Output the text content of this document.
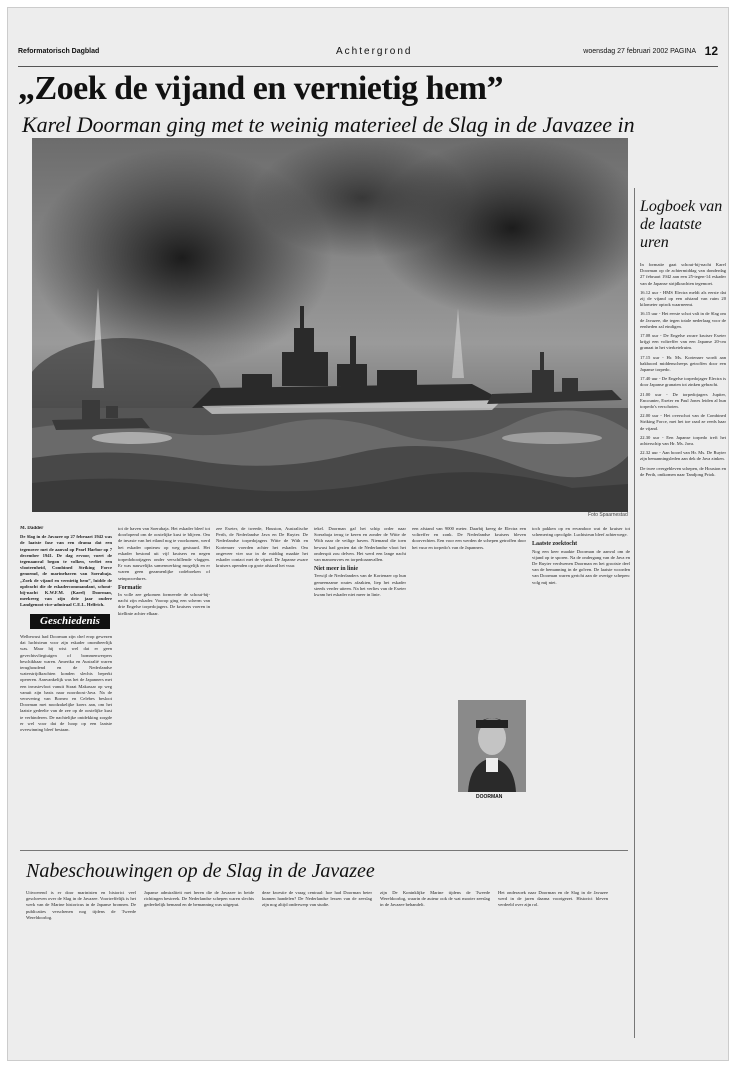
Reformatorisch Dagblad	Achtergrond	woensdag 27 februari 2002 PAGINA 12
„Zoek de vijand en vernietig hem”
Karel Doorman ging met te weinig materieel de Slag in de Javazee in
Foto Spaarnestad
Logboek van de laatste uren

In formatie gaat schout-bij-nacht Karel Doorman op de achtermiddag van donderdag 27 februari 1942 aan een 25-tegen-14 eskader van de Japanse strijdkrachten tegemoet.

16.12 uur - HMS Electra meldt als eerste dat zij de vijand op een afstand van ruim 20 kilometer optrok waarneemt.

16.15 uur - Het eerste schot valt in de Slag om de Javazee, die tegen totale nederlaag voor de eenheden zal eindigen.

17.08 uur - De Engelse zware kruiser Exeter krijgt een voltreffer van een Japanse 20-cm granaat in het vierketelruim.

17.15 uur - Hr. Ms. Kortenaer wordt aan bakboord middenscheeps getroffen door een Japanse torpedo.

17.40 uur - De Engelse torpedojager Electra is door Japanse granaten tot zinken gebracht.

21.00 uur - De torpedojagers Jupiter, Encounter, Exeter en Paul Jones leiden al hun torpedo's verschoten.

22.00 uur - Het overschot van de Combined Striking Force, met het toe raad ze reeds haar de vijand.

22.30 uur - Een Japanse torpedo treft het achterschip van Hr. Ms. Java.

22.32 uur - Aan boord van Hr. Ms. De Ruyter zijn bemanningsleden aan dek de Java zinken.

De twee overgebleven schepen, de Houston en de Perth, ontkomen naar Tandjong Priok.

M. Dadder

De Slag in de Javazee op 27 februari 1942 was de laatste fase van een drama dat een tegenover met de aanval op Pearl Harbor op 7 december 1941. De dag ervoor, voert de tegenaanval begon te volken, verliet een vlooteenheid, Combined Striking Force genoemd, de marinehaven van Soerabaja. „Zoek de vijand en vernietig hem”, luidde de opdracht die de eskadercommandant, schout-bij-nacht K.W.F.M. (Karel) Doorman, meekreeg van zijn drie jaar oudere Landgenoot vice-admiraal C.E.L. Helfrich.

Geschiedenis

Welbewust had Doorman zijn chef erop gewezen dat luchtsteun voor zijn eskader onontbeerlijk was. Maar hij wist wel dat er geen gevechtsvliegtuigen of bommenwerpers beschikbaar waren. Amerika en Australië waren terughoudend en de Nederlandse waterstrijdkrachten konden slechts beperkt opereren. Aanvankelijk was het de Japanners met een invasievloot vanuit Straat Makassar op weg vanuit zijn basis naar noordoost-Java. Na de verovering van Borneo en Celebes besloot Doorman met noodzakelijke koers aan, om het laatste gedeelte van de zee op de oostelijke kust te verhinderen. De nachtelijke ontdekking zorgde er wel voor dat de hoop op een laatste overwinning bleef bestaan.

tot de haven van Soerabaja. Het eskader bleef tot doorlopend om de oostelijke kust te blijven. Om de invasie van het eiland nog te voorkomen, werd het eskader opnieuw op weg gestuurd. Het eskader bestond uit vijf kruisers en negen torpedobootjagers onder verschillende vlaggen. Er was nauwelijks samenwerking mogelijk en er waren geen gezamenlijke codeboeken of seinprocedures.

Formatie

In volle zee gekomen formeerde de schout-bij-nacht zijn eskader. Voorop ging een scherm van drie Engelse torpedojagers. De kruisers voeren in kiellinie achter elkaar.

zee Exeter, de tweede, Houston, Australische Perth, de Nederlandse Java en De Ruyter. De Nederlandse torpedojagers Witte de With en Kortenaer voerden achter het eskader. Om ongeveer vier uur in de middag maakte het eskader contact met de vijand. De Japanse zware kruisers openden op grote afstand het vuur.

tekel. Doorman gaf het schip order naar Soerabaja terug te keren en zonder de Witte de With naar de veilige haven. Niemand die toen bewust had gezien dat de Nederlandse vloot het onderspit zou delven. Het werd een lange nacht van manoeuvres en torpedoaanvallen.

Niet meer in linie

Terwijl de Nederlanders van de Kortenaer op hun gemeenzame routes afzakten, liep het eskader steeds verder uiteen. Na het verlies van de Exeter kwam het eskader niet meer in linie.

een afstand van 9000 meter. Daarbij kreeg de Electra een voltreffer en zonk. De Nederlandse kruisers bleven doorvechten. Een voor een werden de schepen getroffen door het vuur en torpedo's van de Japanners.

DOORMAN

toch pakken op en ervandoor wat de kruiser tot schemering opvolgde. Luchtsteun bleef achterwege.

Laatste zoektocht

Nog een keer maakte Doorman de aanval om de vijand op te sporen. Na de ondergang van de Java en De Ruyter verdwenen Doorman en het grootste deel van de bemanning in de golven. De laatste woorden van Doorman waren gericht aan de overige schepen: volg mij niet.

Nabeschouwingen op de Slag in de Javazee

Uitvoerend is er door marinisten en historici veel geschreven over de Slag in de Javazee. Voortreffelijk is het werk van de Marine historicus in de Japanse bronnen. De publicaties verschenen nog tijdens de Tweede Wereldoorlog.

Japanse admiraliteit met heren die de Javazee in beide richtingen bestreek. De Nederlandse schepen waren slechts gedeeltelijk bemand en de bemanning was uitgeput.

deze kwestie de vraag centraal: hoe had Doorman beter kunnen handelen? De Nederlandse lessen van de zeeslag zijn nog altijd onderwerp van studie.

zijn De Koninklijke Marine tijdens de Tweede Wereldoorlog, waarin de auteur ook de wat mooier zeeslag in de Javazee behandelt.

Het onderzoek naar Doorman en de Slag in de Javazee werd in de jaren daarna voortgezet. Historici bleven verdeeld over zijn rol.
